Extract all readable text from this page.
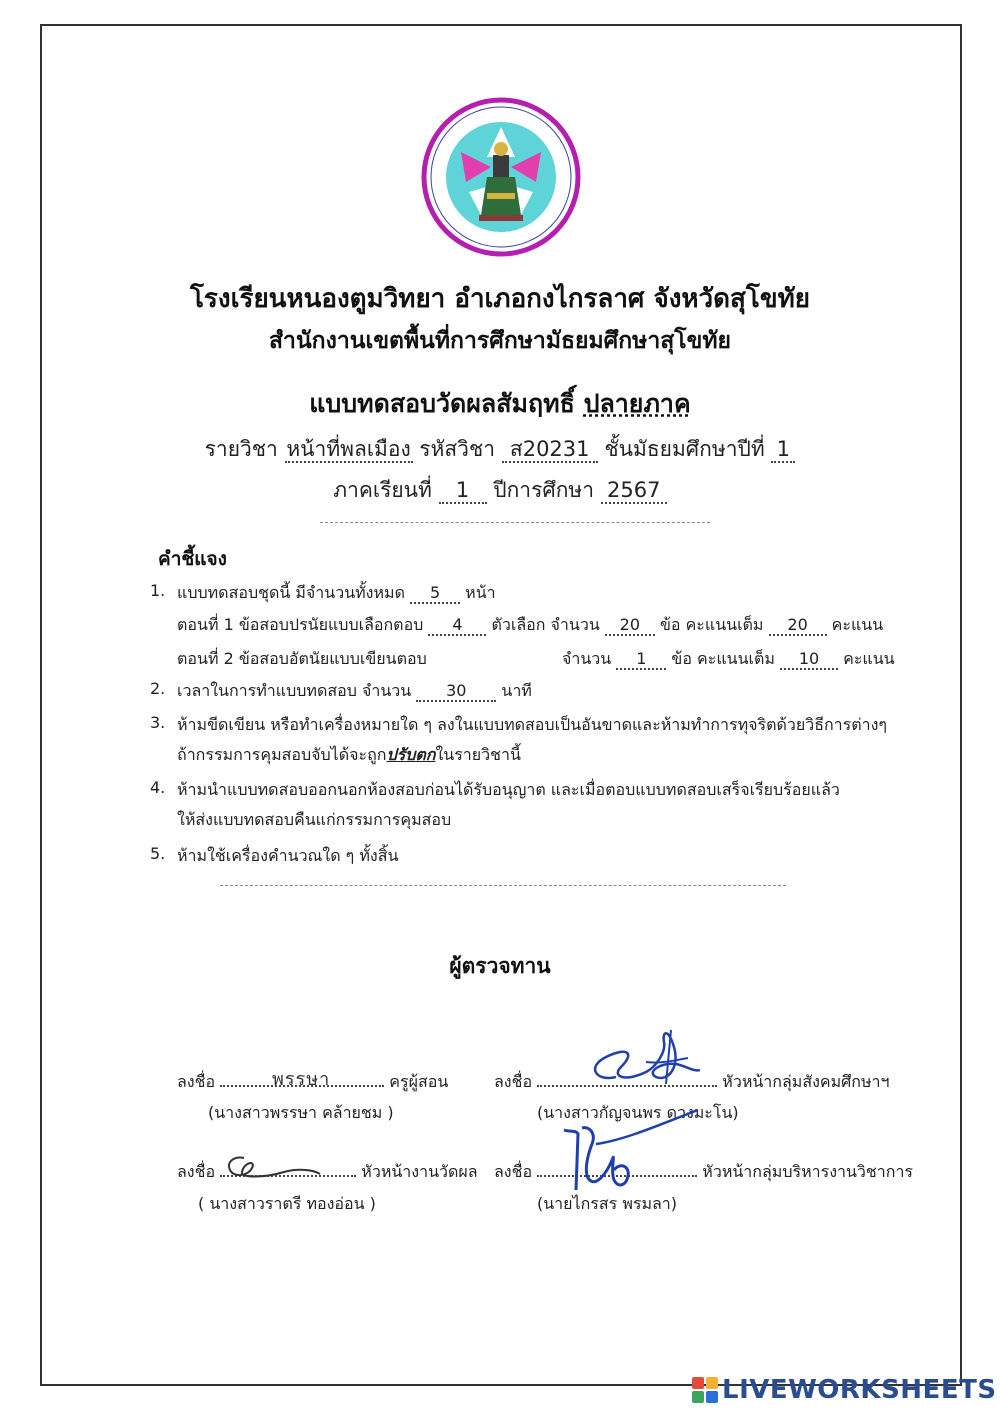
โรงเรียนหนองตูมวิทยา อำเภอกงไกรลาศ จังหวัดสุโขทัย
สำนักงานเขตพื้นที่การศึกษามัธยมศึกษาสุโขทัย
แบบทดสอบวัดผลสัมฤทธิ์ ปลายภาค
รายวิชา หน้าที่พลเมือง รหัสวิชา ส20231 ชั้นมัธยมศึกษาปีที่ 1
ภาคเรียนที่ 1 ปีการศึกษา 2567
คำชี้แจง
1. แบบทดสอบชุดนี้ มีจำนวนทั้งหมด 5 หน้า
ตอนที่ 1 ข้อสอบปรนัยแบบเลือกตอบ 4 ตัวเลือก จำนวน 20 ข้อ คะแนนเต็ม 20 คะแนน
ตอนที่ 2 ข้อสอบอัตนัยแบบเขียนตอบ	จำนวน 1 ข้อ คะแนนเต็ม 10 คะแนน
2. เวลาในการทำแบบทดสอบ จำนวน 30 นาที
3. ห้ามขีดเขียน หรือทำเครื่องหมายใด ๆ ลงในแบบทดสอบเป็นอันขาดและห้ามทำการทุจริตด้วยวิธีการต่างๆ
ถ้ากรรมการคุมสอบจับได้จะถูกปรับตกในรายวิชานี้
4. ห้ามนำแบบทดสอบออกนอกห้องสอบก่อนได้รับอนุญาต และเมื่อตอบแบบทดสอบเสร็จเรียบร้อยแล้ว
ให้ส่งแบบทดสอบคืนแก่กรรมการคุมสอบ
5. ห้ามใช้เครื่องคำนวณใด ๆ ทั้งสิ้น
ผู้ตรวจทาน
ลงชื่อ	ครูผู้สอน
พรรษา
(นางสาวพรรษา คล้ายชม )
ลงชื่อ	หัวหน้ากลุ่มสังคมศึกษาฯ
(นางสาวกัญจนพร ดวงมะโน)
ลงชื่อ	หัวหน้างานวัดผล
( นางสาวราตรี ทองอ่อน )
ลงชื่อ	หัวหน้ากลุ่มบริหารงานวิชาการ
(นายไกรสร พรมลา)
LIVEWORKSHEETS
